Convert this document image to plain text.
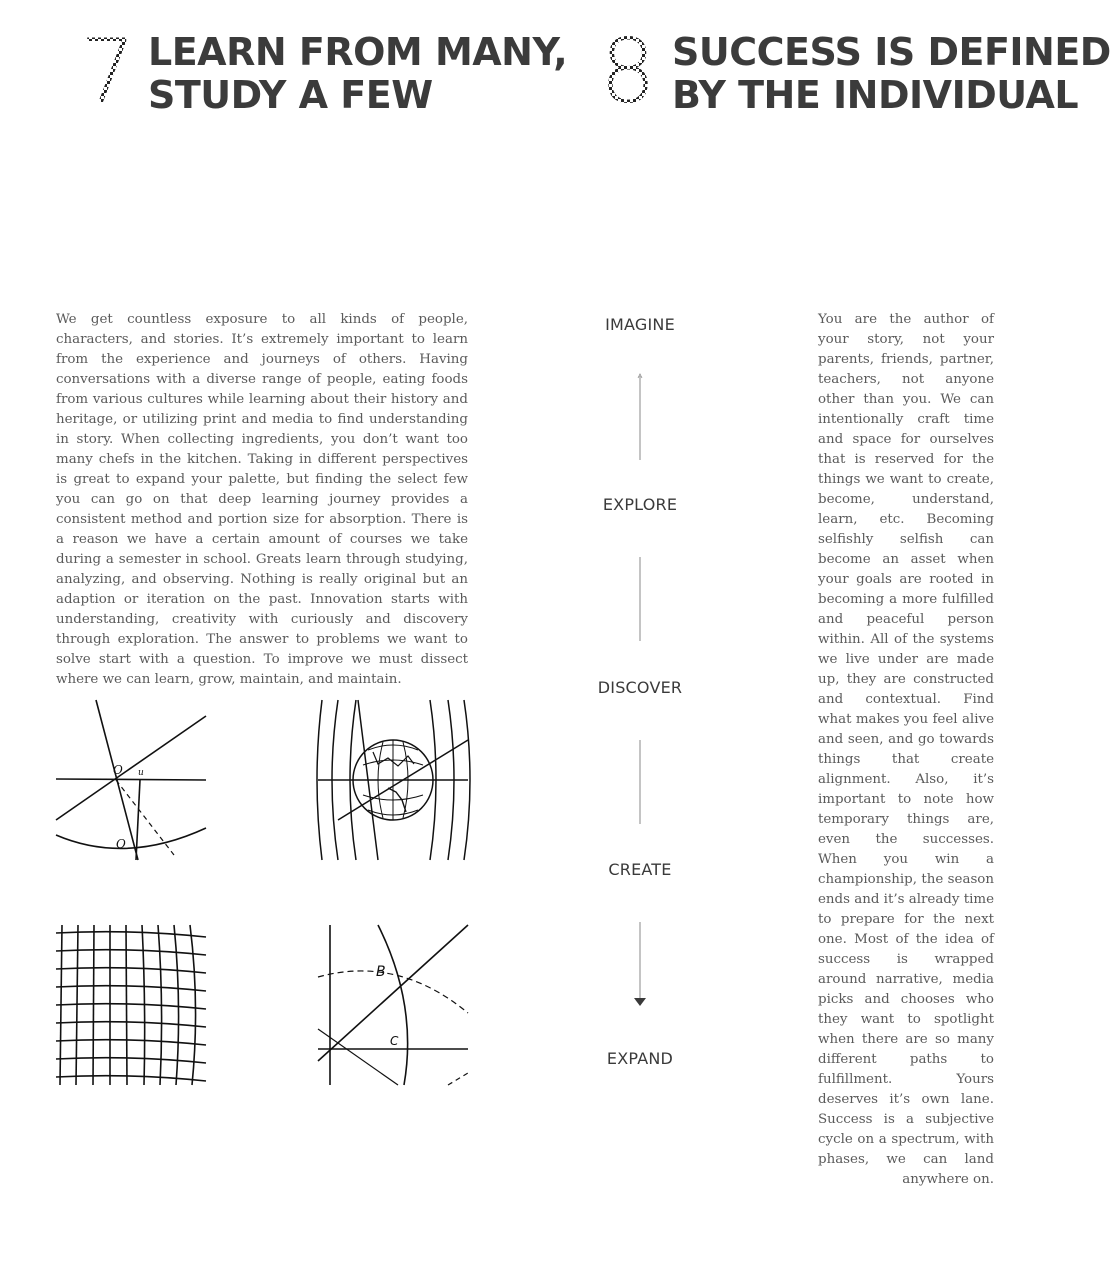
7 LEARN FROM MANY,
STUDY A FEW	8 SUCCESS IS DEFINED
BY THE INDIVIDUAL

We get countless exposure to all kinds of people, characters, and stories. It’s extremely important to learn from the experience and journeys of others. Having conversations with a diverse range of people, eating foods from various cultures while learning about their history and heritage, or utilizing print and media to find understanding in story. When collecting ingredients, you don’t want too many chefs in the kitchen. Taking in different perspectives is great to expand your palette, but finding the select few you can go on that deep learning journey provides a consistent method and portion size for absorption. There is a reason we have a certain amount of courses we take during a semester in school. Greats learn through studying, analyzing, and observing. Nothing is really original but an adaption or iteration on the past. Innovation starts with understanding, creativity with curiously and discovery through exploration. The answer to problems we want to solve start with a question. To improve we must dissect where we can learn, grow, maintain, and maintain.

You are the author of your story, not your parents, friends, partner, teachers, not anyone other than you. We can intentionally craft time and space for ourselves that is reserved for the things we want to create, become, understand, learn, etc. Becoming selfishly selfish can become an asset when your goals are rooted in becoming a more fulfilled and peaceful person within. All of the systems we live under are made up, they are constructed and contextual. Find what makes you feel alive and seen, and go towards things that create alignment. Also, it’s important to note how temporary things are, even the successes. When you win a championship, the season ends and it’s already time to prepare for the next one. Most of the idea of success is wrapped around narrative, media picks and chooses who they want to spotlight when there are so many different paths to fulfillment. Yours deserves it’s own lane. Success is a subjective cycle on a spectrum, with phases, we can land anywhere on.

IMAGINE
EXPLORE
DISCOVER
CREATE
EXPAND
O u
O
B
C
